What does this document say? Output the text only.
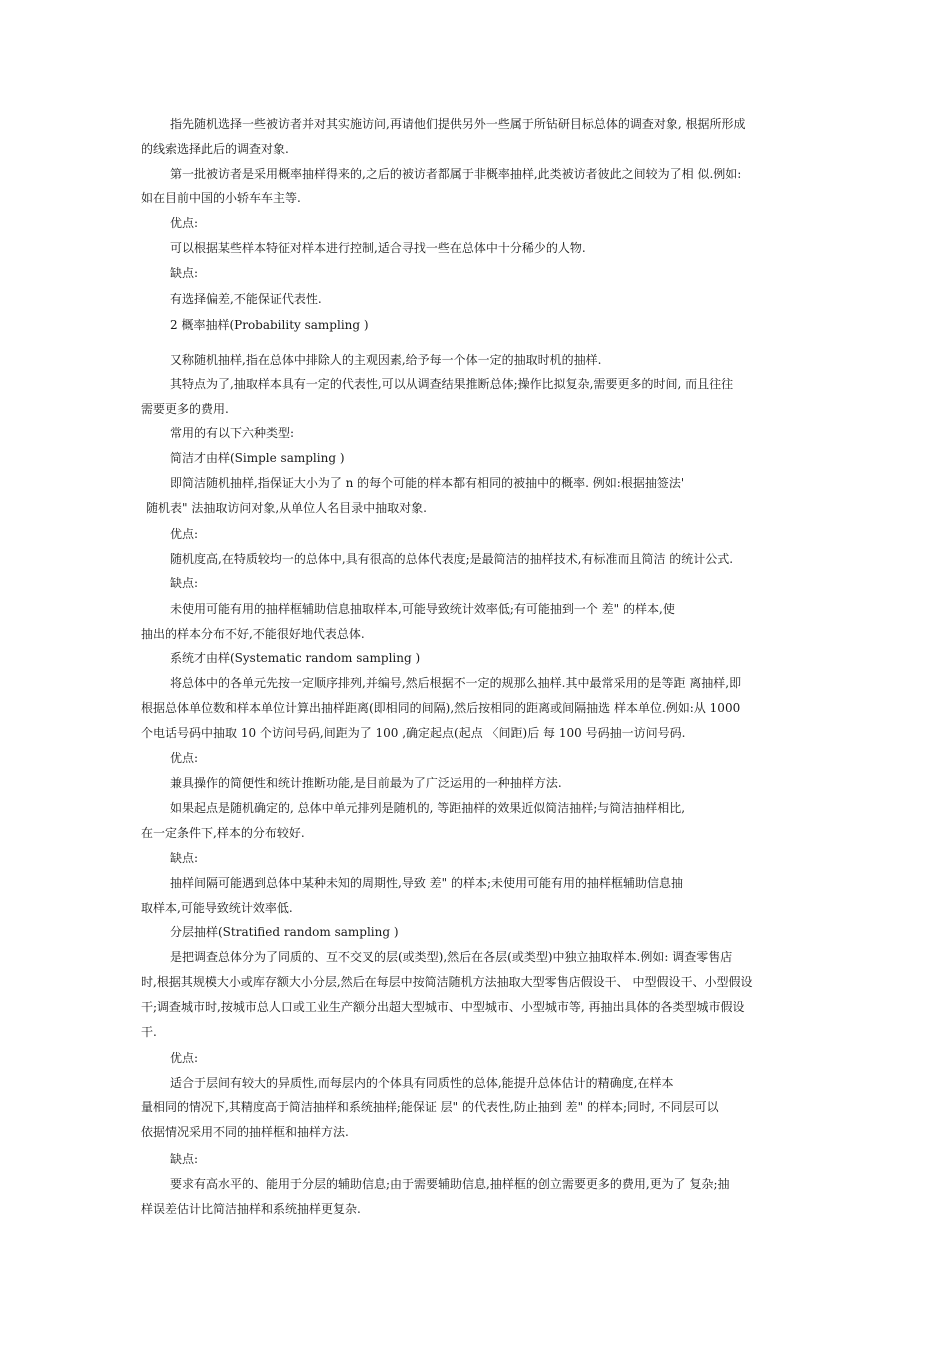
指先随机选择一些被访者并对其实施访问,再请他们提供另外一些属于所钻研目标总体的调查对象, 根据所形成
的线索选择此后的调查对象.
第一批被访者是采用概率抽样得来的,之后的被访者都属于非概率抽样,此类被访者彼此之间较为了相 似.例如:
如在目前中国的小轿车车主等.
优点:
可以根据某些样本特征对样本进行控制,适合寻找一些在总体中十分稀少的人物.
缺点:
有选择偏差,不能保证代表性.
2 概率抽样(Probability sampling )
又称随机抽样,指在总体中排除人的主观因素,给予每一个体一定的抽取时机的抽样.
其特点为了,抽取样本具有一定的代表性,可以从调查结果推断总体;操作比拟复杂,需要更多的时间, 而且往往
需要更多的费用.
常用的有以下六种类型:
简洁才由样(Simple sampling )
即简洁随机抽样,指保证大小为了 n 的每个可能的样本都有相同的被抽中的概率. 例如:根据抽签法'
随机表" 法抽取访问对象,从单位人名目录中抽取对象.
优点:
随机度高,在特质较均一的总体中,具有很高的总体代表度;是最简洁的抽样技术,有标准而且简洁 的统计公式.
缺点:
未使用可能有用的抽样框辅助信息抽取样本,可能导致统计效率低;有可能抽到一个 差" 的样本,使
抽出的样本分布不好,不能很好地代表总体.
系统才由样(Systematic random sampling )
将总体中的各单元先按一定顺序排列,并编号,然后根据不一定的规那么抽样.其中最常采用的是等距 离抽样,即
根据总体单位数和样本单位计算出抽样距离(即相同的间隔),然后按相同的距离或间隔抽选 样本单位.例如:从 1000
个电话号码中抽取 10 个访问号码,间距为了 100 ,确定起点(起点 〈间距)后 每 100 号码抽一访问号码.
优点:
兼具操作的简便性和统计推断功能,是目前最为了广泛运用的一种抽样方法.
如果起点是随机确定的, 总体中单元排列是随机的, 等距抽样的效果近似简洁抽样;与简洁抽样相比,
在一定条件下,样本的分布较好.
缺点:
抽样间隔可能遇到总体中某种未知的周期性,导致 差" 的样本;未使用可能有用的抽样框辅助信息抽
取样本,可能导致统计效率低.
分层抽样(Stratified random sampling )
是把调查总体分为了同质的、互不交叉的层(或类型),然后在各层(或类型)中独立抽取样本.例如: 调查零售店
时,根据其规模大小或库存额大小分层,然后在每层中按简洁随机方法抽取大型零售店假设干、 中型假设干、小型假设
干;调查城市时,按城市总人口或工业生产额分出超大型城市、中型城市、小型城市等, 再抽出具体的各类型城市假设
干.
优点:
适合于层间有较大的异质性,而每层内的个体具有同质性的总体,能提升总体估计的精确度,在样本
量相同的情况下,其精度高于简洁抽样和系统抽样;能保证 层" 的代表性,防止抽到 差" 的样本;同时, 不同层可以
依据情况采用不同的抽样框和抽样方法.
缺点:
要求有高水平的、能用于分层的辅助信息;由于需要辅助信息,抽样框的创立需要更多的费用,更为了 复杂;抽
样误差估计比简洁抽样和系统抽样更复杂.
